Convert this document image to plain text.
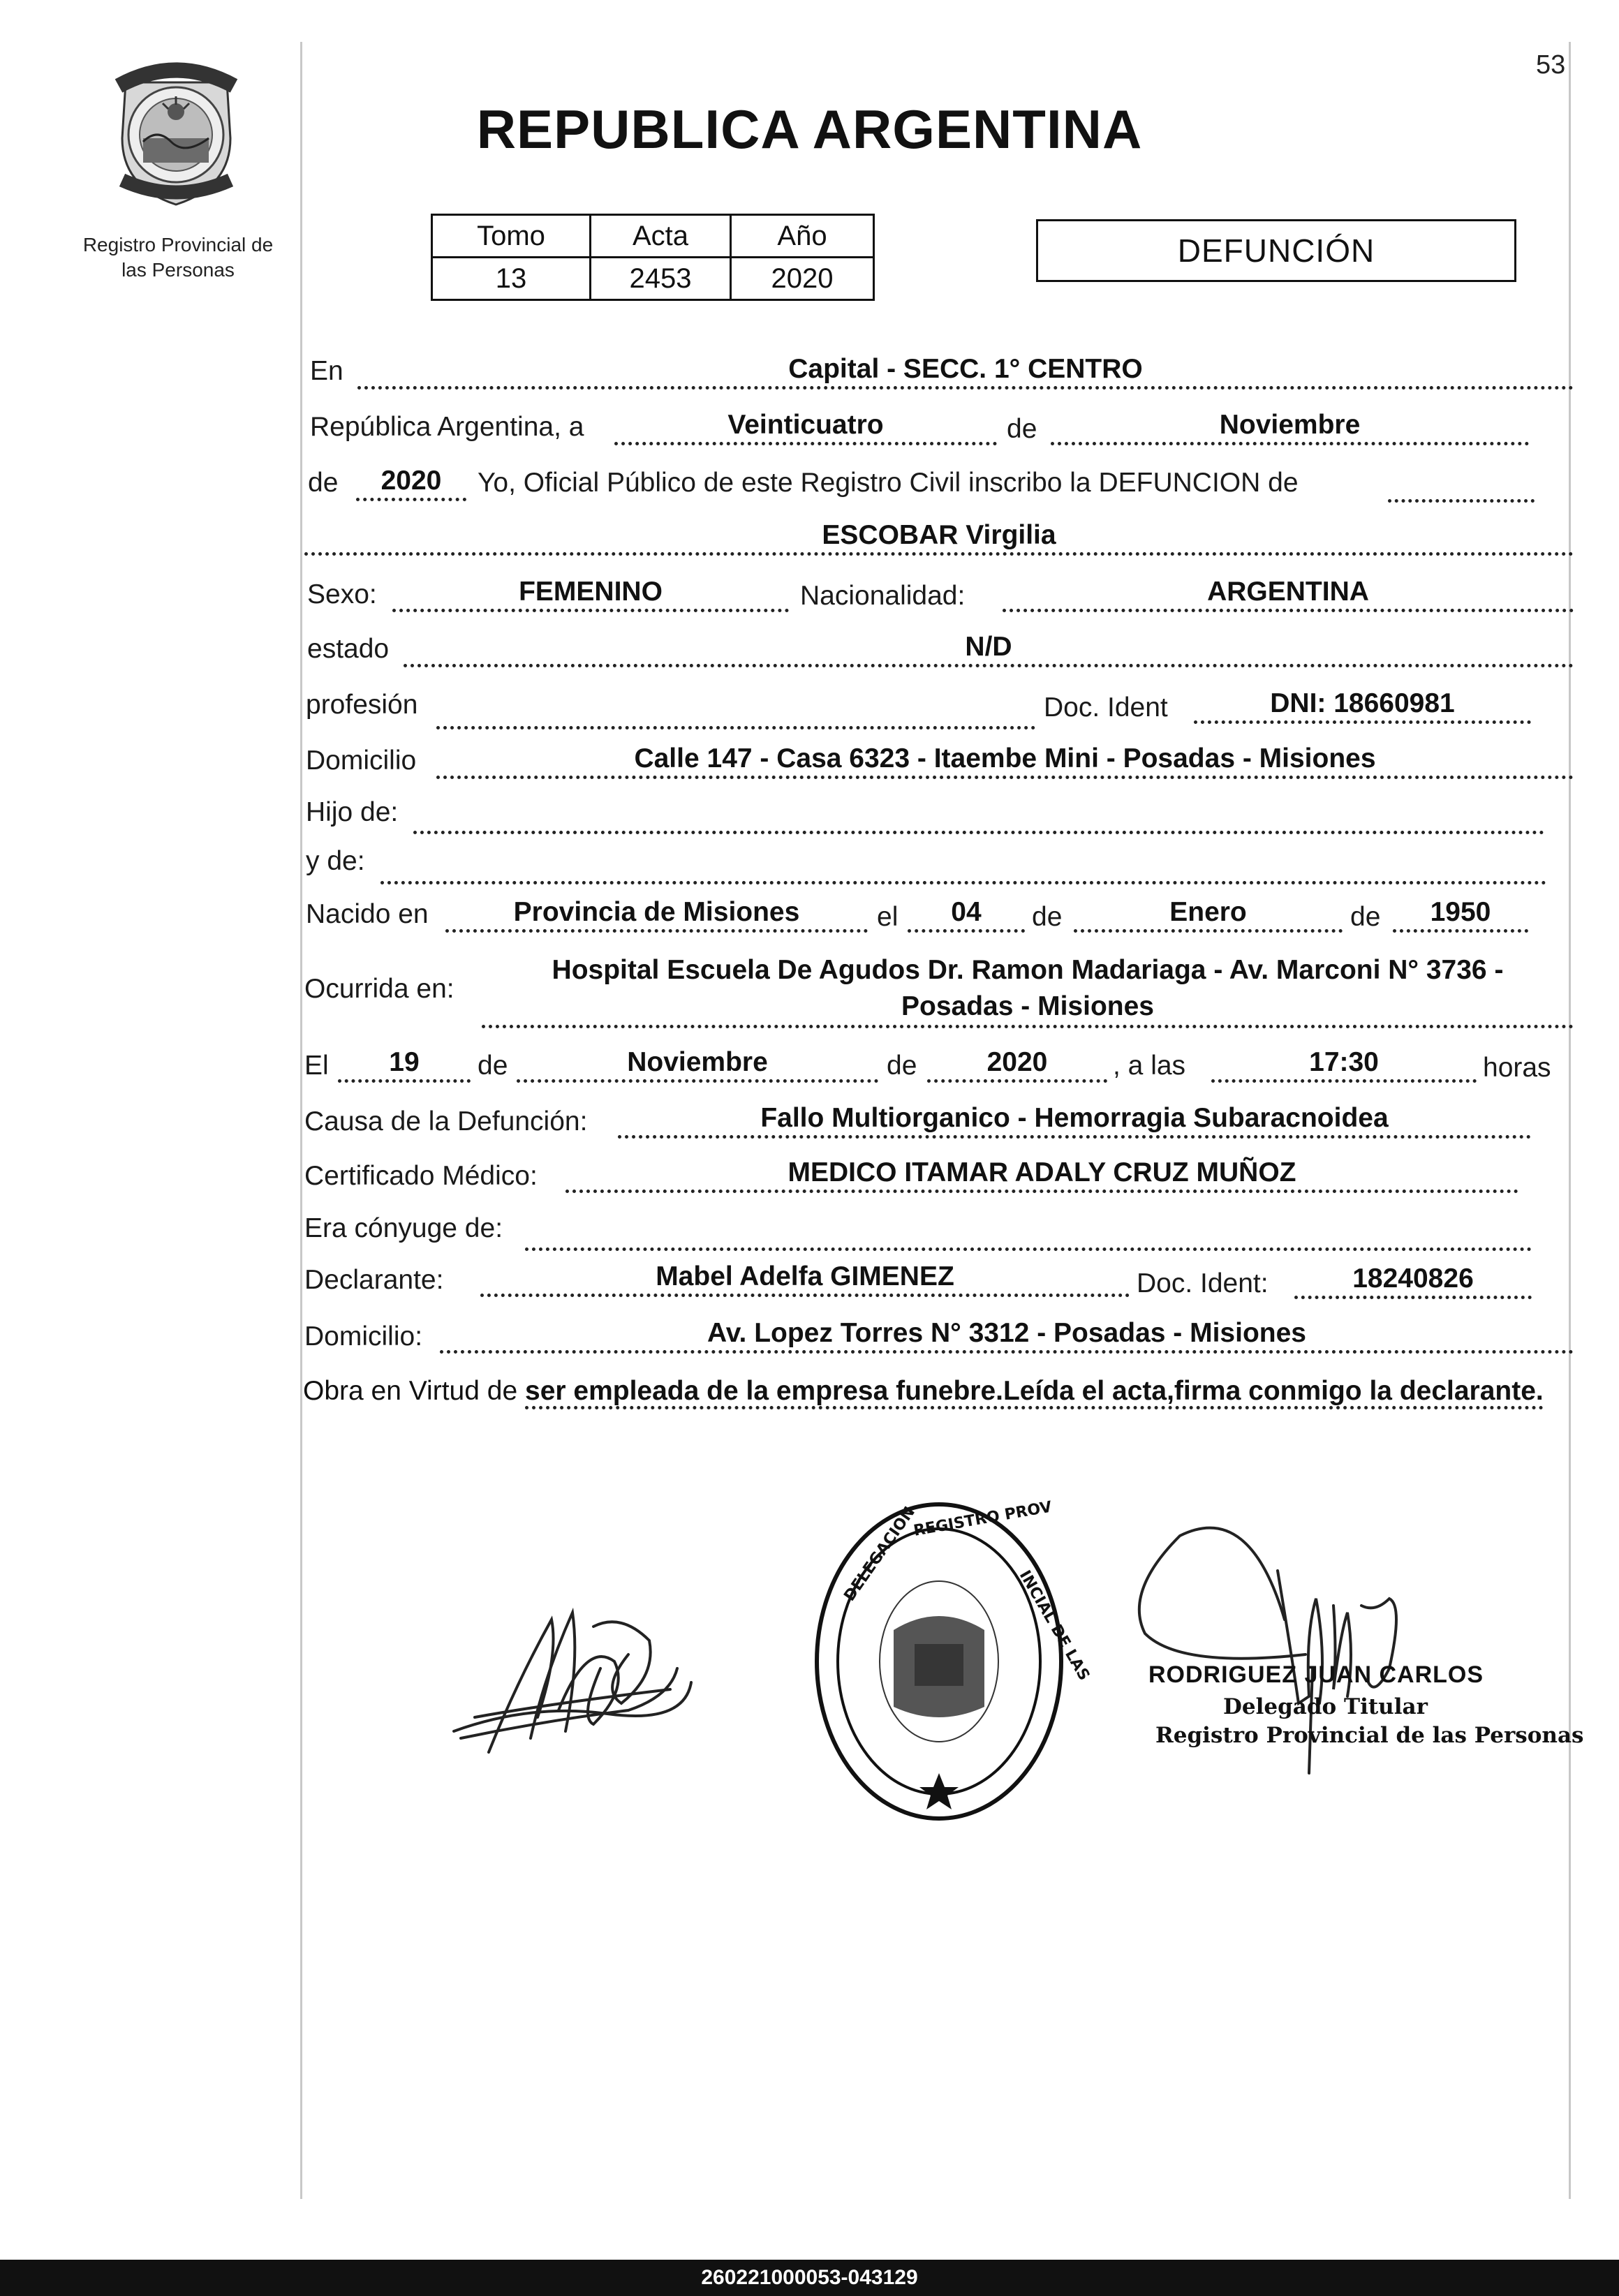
53
Registro Provincial de
las Personas
REPUBLICA ARGENTINA
Tomo	Acta	Año
13	2453	2020
DEFUNCIÓN
En	Capital - SECC. 1° CENTRO
República Argentina, a	Veinticuatro	de	Noviembre
de	2020	Yo, Oficial Público de este Registro Civil inscribo la DEFUNCION de
ESCOBAR Virgilia
Sexo:	FEMENINO	Nacionalidad:	ARGENTINA
estado	N/D
profesión	Doc. Ident	DNI: 18660981
Domicilio	Calle 147 - Casa 6323 - Itaembe Mini - Posadas - Misiones
Hijo de:
y de:
Nacido en	Provincia de Misiones	el	04	de	Enero	de	1950
Ocurrida en:
Hospital Escuela De Agudos Dr. Ramon Madariaga - Av. Marconi N° 3736 -
Posadas - Misiones
El	19	de	Noviembre	de	2020	, a las	17:30	horas
Causa de la Defunción:	Fallo Multiorganico - Hemorragia Subaracnoidea
Certificado Médico:	MEDICO ITAMAR ADALY CRUZ MUÑOZ
Era cónyuge de:
Declarante:	Mabel Adelfa GIMENEZ	Doc. Ident:	18240826
Domicilio:	Av. Lopez Torres N° 3312 - Posadas - Misiones
Obra en Virtud de ser empleada de la empresa funebre.Leída el acta,firma conmigo la declarante.
DELEGACION
REGISTRO PROV
INCIAL DE LAS RODRIGUEZ JUAN CARLOS
Delegado Titular
Registro Provincial de las Personas
260221000053-043129
